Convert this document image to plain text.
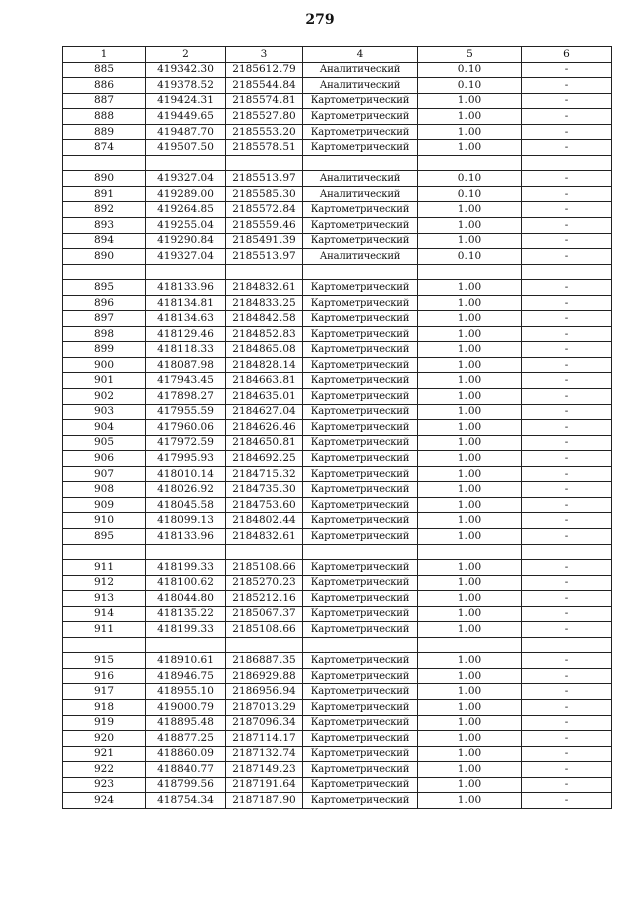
279
1	2	3	4	5	6
885	419342.30	2185612.79	Аналитический	0.10	-
886	419378.52	2185544.84	Аналитический	0.10	-
887	419424.31	2185574.81	Картометрический	1.00	-
888	419449.65	2185527.80	Картометрический	1.00	-
889	419487.70	2185553.20	Картометрический	1.00	-
874	419507.50	2185578.51	Картометрический	1.00	-

890	419327.04	2185513.97	Аналитический	0.10	-
891	419289.00	2185585.30	Аналитический	0.10	-
892	419264.85	2185572.84	Картометрический	1.00	-
893	419255.04	2185559.46	Картометрический	1.00	-
894	419290.84	2185491.39	Картометрический	1.00	-
890	419327.04	2185513.97	Аналитический	0.10	-

895	418133.96	2184832.61	Картометрический	1.00	-
896	418134.81	2184833.25	Картометрический	1.00	-
897	418134.63	2184842.58	Картометрический	1.00	-
898	418129.46	2184852.83	Картометрический	1.00	-
899	418118.33	2184865.08	Картометрический	1.00	-
900	418087.98	2184828.14	Картометрический	1.00	-
901	417943.45	2184663.81	Картометрический	1.00	-
902	417898.27	2184635.01	Картометрический	1.00	-
903	417955.59	2184627.04	Картометрический	1.00	-
904	417960.06	2184626.46	Картометрический	1.00	-
905	417972.59	2184650.81	Картометрический	1.00	-
906	417995.93	2184692.25	Картометрический	1.00	-
907	418010.14	2184715.32	Картометрический	1.00	-
908	418026.92	2184735.30	Картометрический	1.00	-
909	418045.58	2184753.60	Картометрический	1.00	-
910	418099.13	2184802.44	Картометрический	1.00	-
895	418133.96	2184832.61	Картометрический	1.00	-

911	418199.33	2185108.66	Картометрический	1.00	-
912	418100.62	2185270.23	Картометрический	1.00	-
913	418044.80	2185212.16	Картометрический	1.00	-
914	418135.22	2185067.37	Картометрический	1.00	-
911	418199.33	2185108.66	Картометрический	1.00	-

915	418910.61	2186887.35	Картометрический	1.00	-
916	418946.75	2186929.88	Картометрический	1.00	-
917	418955.10	2186956.94	Картометрический	1.00	-
918	419000.79	2187013.29	Картометрический	1.00	-
919	418895.48	2187096.34	Картометрический	1.00	-
920	418877.25	2187114.17	Картометрический	1.00	-
921	418860.09	2187132.74	Картометрический	1.00	-
922	418840.77	2187149.23	Картометрический	1.00	-
923	418799.56	2187191.64	Картометрический	1.00	-
924	418754.34	2187187.90	Картометрический	1.00	-
